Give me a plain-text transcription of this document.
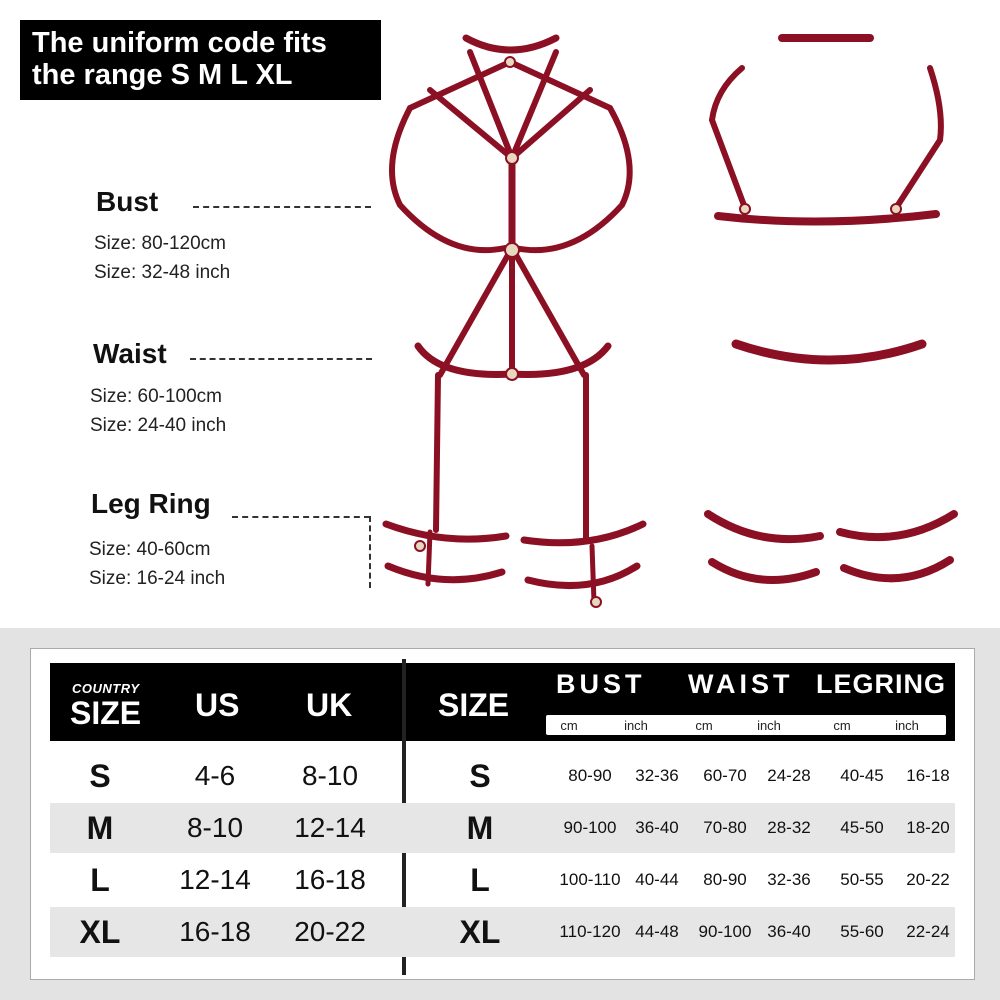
The uniform code fits
the range S M L XL
Bust
Size: 80-120cm
Size: 32-48 inch
Waist
Size: 60-100cm
Size: 24-40 inch
Leg Ring
Size: 40-60cm
Size: 16-24 inch
COUNTRY
SIZE US UK	SIZE
BUST WAIST LEGRING
cm	inch	cm	inch	cm	inch
S	4-6	8-10	S	80-90	32-36	60-70	24-28	40-45	16-18
M	8-10	12-14	M	90-100	36-40	70-80	28-32	45-50	18-20
L	12-14	16-18	L	100-110 40-44	80-90	32-36	50-55	20-22
XL	16-18	20-22	XL	110-120 44-48	90-100 36-40	55-60	22-24
